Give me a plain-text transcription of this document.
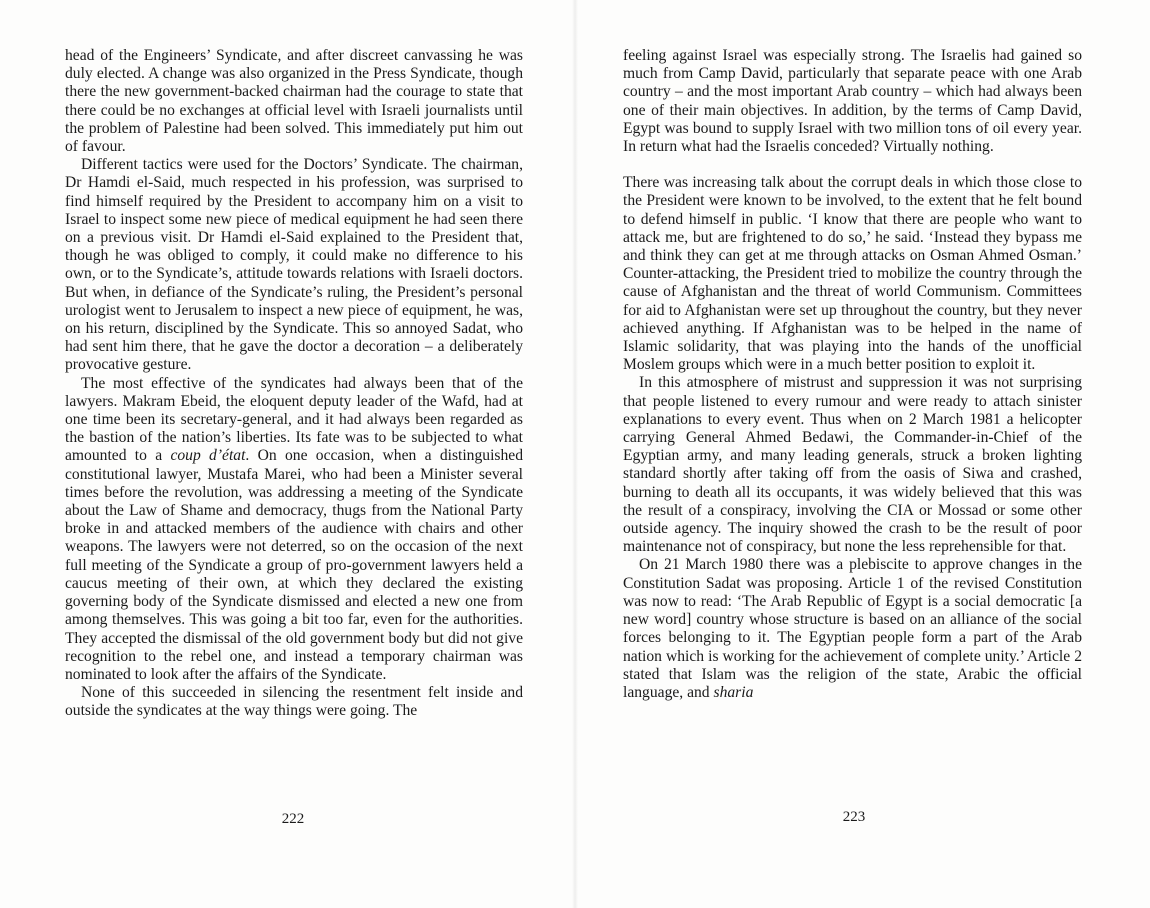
head of the Engineers’ Syndicate, and after discreet canvassing he was duly elected. A change was also organized in the Press Syndicate, though there the new government-backed chairman had the courage to state that there could be no exchanges at official level with Israeli journalists until the problem of Palestine had been solved. This immediately put him out of favour.

Different tactics were used for the Doctors’ Syndicate. The chairman, Dr Hamdi el-Said, much respected in his profession, was surprised to find himself required by the President to accompany him on a visit to Israel to inspect some new piece of medical equipment he had seen there on a previous visit. Dr Hamdi el-Said explained to the President that, though he was obliged to comply, it could make no difference to his own, or to the Syndicate’s, attitude towards relations with Israeli doctors. But when, in defiance of the Syndicate’s ruling, the President’s personal urologist went to Jerusalem to inspect a new piece of equipment, he was, on his return, disciplined by the Syndicate. This so annoyed Sadat, who had sent him there, that he gave the doctor a decoration – a deliberately provocative gesture.

The most effective of the syndicates had always been that of the lawyers. Makram Ebeid, the eloquent deputy leader of the Wafd, had at one time been its secretary-general, and it had always been regarded as the bastion of the nation’s liberties. Its fate was to be subjected to what amounted to a coup d’état. On one occasion, when a distinguished constitutional lawyer, Mustafa Marei, who had been a Minister several times before the revolution, was addressing a meeting of the Syndicate about the Law of Shame and democracy, thugs from the National Party broke in and attacked members of the audience with chairs and other weapons. The lawyers were not deterred, so on the occasion of the next full meeting of the Syndicate a group of pro-government lawyers held a caucus meeting of their own, at which they declared the existing governing body of the Syndicate dismissed and elected a new one from among themselves. This was going a bit too far, even for the authorities. They accepted the dismissal of the old government body but did not give recognition to the rebel one, and instead a temporary chairman was nominated to look after the affairs of the Syndicate.

None of this succeeded in silencing the resentment felt inside and outside the syndicates at the way things were going. The

222

feeling against Israel was especially strong. The Israelis had gained so much from Camp David, particularly that separate peace with one Arab country – and the most important Arab country – which had always been one of their main objectives. In addition, by the terms of Camp David, Egypt was bound to supply Israel with two million tons of oil every year. In return what had the Israelis conceded? Virtually nothing.

There was increasing talk about the corrupt deals in which those close to the President were known to be involved, to the extent that he felt bound to defend himself in public. ‘I know that there are people who want to attack me, but are frightened to do so,’ he said. ‘Instead they bypass me and think they can get at me through attacks on Osman Ahmed Osman.’ Counter-attacking, the President tried to mobilize the country through the cause of Afghanistan and the threat of world Communism. Committees for aid to Afghanistan were set up throughout the country, but they never achieved anything. If Afghanistan was to be helped in the name of Islamic solidarity, that was playing into the hands of the unofficial Moslem groups which were in a much better position to exploit it.

In this atmosphere of mistrust and suppression it was not surprising that people listened to every rumour and were ready to attach sinister explanations to every event. Thus when on 2 March 1981 a helicopter carrying General Ahmed Bedawi, the Commander-in-Chief of the Egyptian army, and many leading generals, struck a broken lighting standard shortly after taking off from the oasis of Siwa and crashed, burning to death all its occupants, it was widely believed that this was the result of a conspiracy, involving the CIA or Mossad or some other outside agency. The inquiry showed the crash to be the result of poor maintenance not of conspiracy, but none the less reprehensible for that.

On 21 March 1980 there was a plebiscite to approve changes in the Constitution Sadat was proposing. Article 1 of the revised Constitution was now to read: ‘The Arab Republic of Egypt is a social democratic [a new word] country whose structure is based on an alliance of the social forces belonging to it. The Egyptian people form a part of the Arab nation which is working for the achievement of complete unity.’ Article 2 stated that Islam was the religion of the state, Arabic the official language, and sharia

223
